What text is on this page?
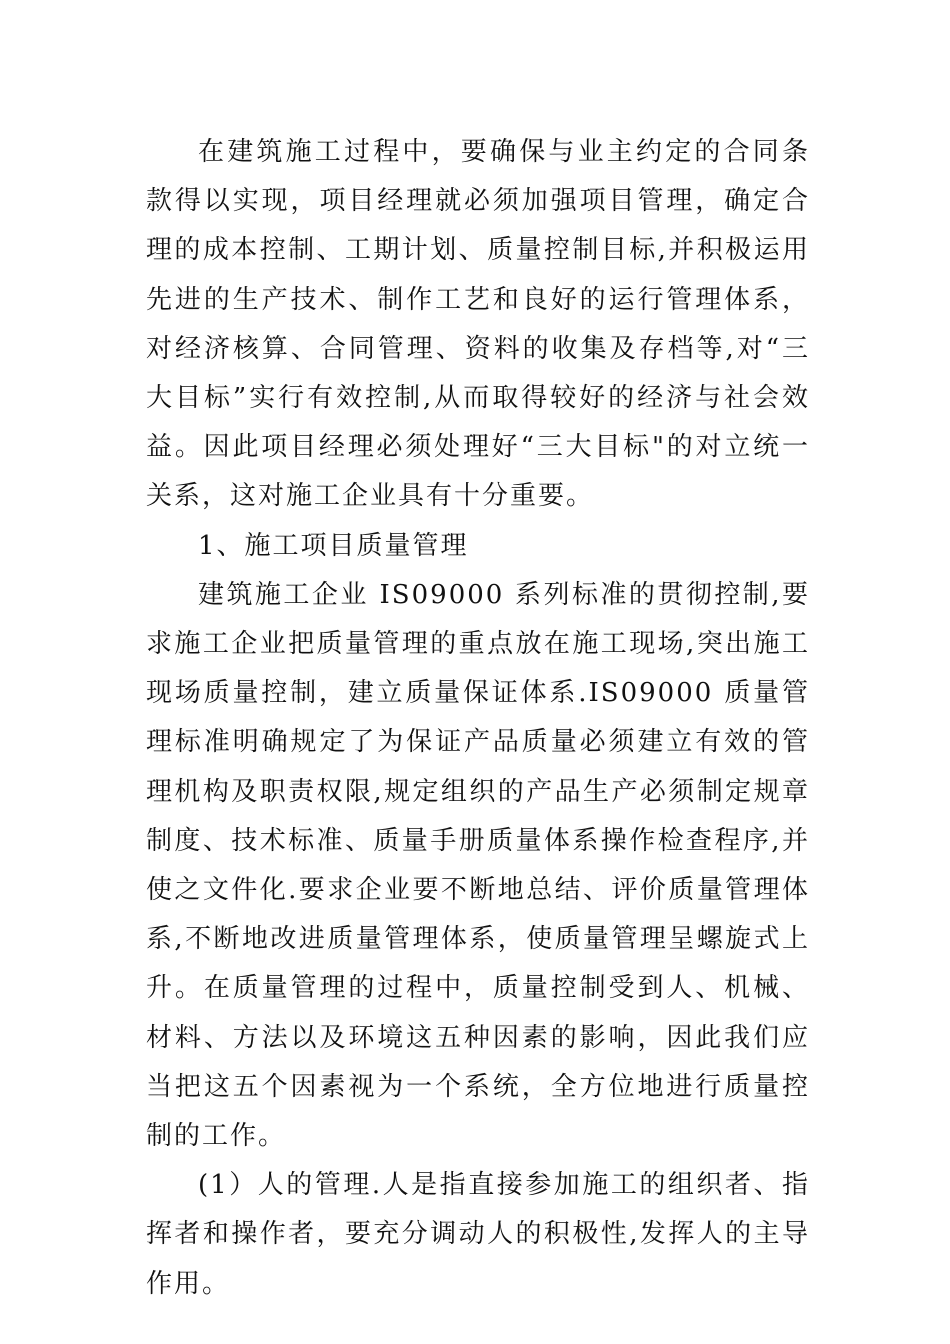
在建筑施工过程中，要确保与业主约定的合同条款得以实现，项目经理就必须加强项目管理，确定合理的成本控制、工期计划、质量控制目标,并积极运用先进的生产技术、制作工艺和良好的运行管理体系，对经济核算、合同管理、资料的收集及存档等,对“三大目标”实行有效控制,从而取得较好的经济与社会效益。因此项目经理必须处理好“三大目标"的对立统一关系，这对施工企业具有十分重要。

1、施工项目质量管理

建筑施工企业 IS09000 系列标准的贯彻控制,要求施工企业把质量管理的重点放在施工现场,突出施工现场质量控制，建立质量保证体系.IS09000 质量管理标准明确规定了为保证产品质量必须建立有效的管理机构及职责权限,规定组织的产品生产必须制定规章制度、技术标准、质量手册质量体系操作检查程序,并使之文件化.要求企业要不断地总结、评价质量管理体系,不断地改进质量管理体系，使质量管理呈螺旋式上升。在质量管理的过程中，质量控制受到人、机械、材料、方法以及环境这五种因素的影响，因此我们应当把这五个因素视为一个系统，全方位地进行质量控制的工作。

(1）人的管理.人是指直接参加施工的组织者、指挥者和操作者，要充分调动人的积极性,发挥人的主导作用。
